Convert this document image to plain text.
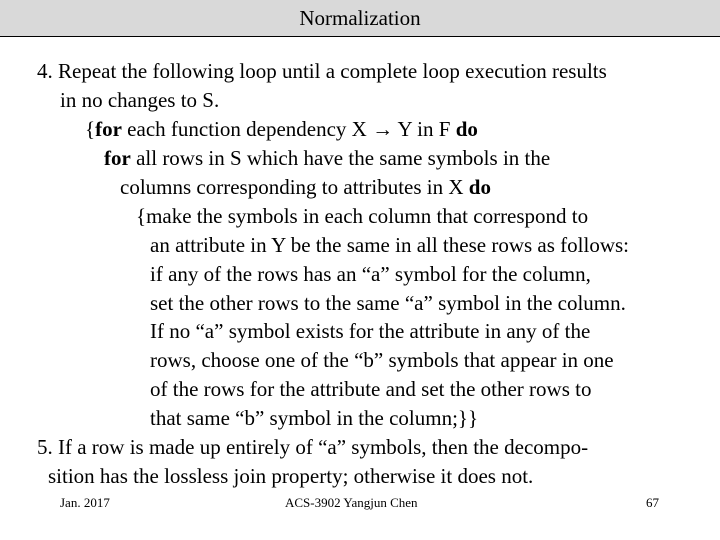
Normalization
4. Repeat the following loop until a complete loop execution results
in no changes to S.
{for each function dependency X → Y in F do
for all rows in S which have the same symbols in the
columns corresponding to attributes in X do
{make the symbols in each column that correspond to
an attribute in Y be the same in all these rows as follows:
if any of the rows has an “a” symbol for the column,
set the other rows to the same “a” symbol in the column.
If no “a” symbol exists for the attribute in any of the
rows, choose one of the “b” symbols that appear in one
of the rows for the attribute and set the other rows to
that same “b” symbol in the column;}}
5. If a row is made up entirely of “a” symbols, then the decompo-
sition has the lossless join property; otherwise it does not.
Jan. 2017	ACS-3902 Yangjun Chen	67
